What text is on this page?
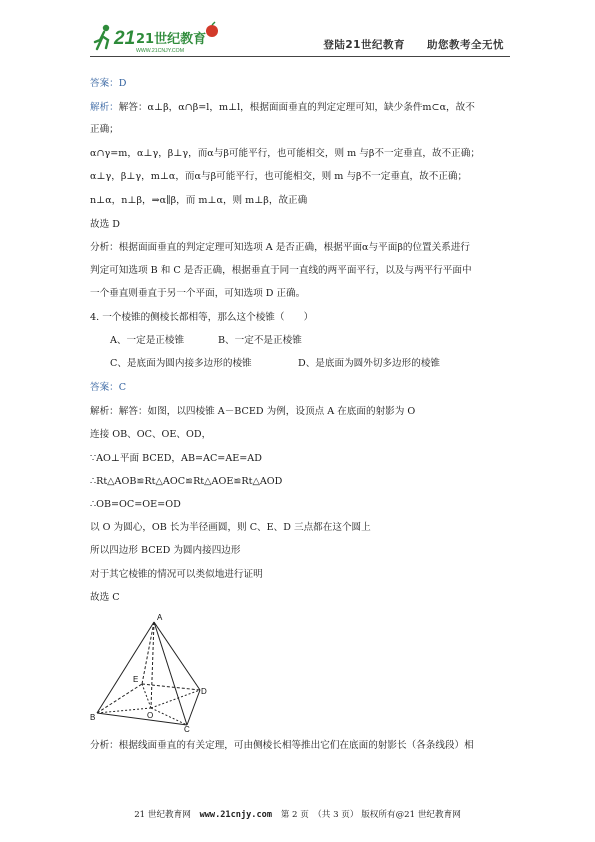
21 21世纪教育
WWW.21CNJY.COM	登陆21世纪教育　　助您教考全无忧
答案：D
解析：解答：α⊥β，α∩β=l，m⊥l，根据面面垂直的判定定理可知，缺少条件m⊂α，故不
正确；
α∩γ=m，α⊥γ，β⊥γ，而α与β可能平行，也可能相交，则 m 与β不一定垂直，故不正确；
α⊥γ，β⊥γ，m⊥α，而α与β可能平行，也可能相交，则 m 与β不一定垂直，故不正确；
n⊥α，n⊥β，⇒α∥β，而 m⊥α，则 m⊥β，故正确
故选 D
分析：根据面面垂直的判定定理可知选项 A 是否正确，根据平面α与平面β的位置关系进行
判定可知选项 B 和 C 是否正确，根据垂直于同一直线的两平面平行，以及与两平行平面中
一个垂直则垂直于另一个平面，可知选项 D 正确。
4. 一个棱锥的侧棱长都相等，那么这个棱锥（　　）
A、一定是正棱锥	B、一定不是正棱锥
C、是底面为圆内接多边形的棱锥	D、是底面为圆外切多边形的棱锥
答案：C
解析：解答：如图，以四棱锥 A－BCED 为例，设顶点 A 在底面的射影为 O
连接 OB、OC、OE、OD，
∵AO⊥平面 BCED，AB=AC=AE=AD
∴Rt△AOB≌Rt△AOC≌Rt△AOE≌Rt△AOD
∴OB=OC=OE=OD
以 O 为圆心，OB 长为半径画圆，则 C、E、D 三点都在这个圆上
所以四边形 BCED 为圆内接四边形
对于其它棱锥的情况可以类似地进行证明
故选 C
分析：根据线面垂直的有关定理，可由侧棱长相等推出它们在底面的射影长（各条线段）相
A
B
C
D
E
O
21 世纪教育网 www.21cnjy.com 第 2 页　（共 3 页） 版权所有@21 世纪教育网
